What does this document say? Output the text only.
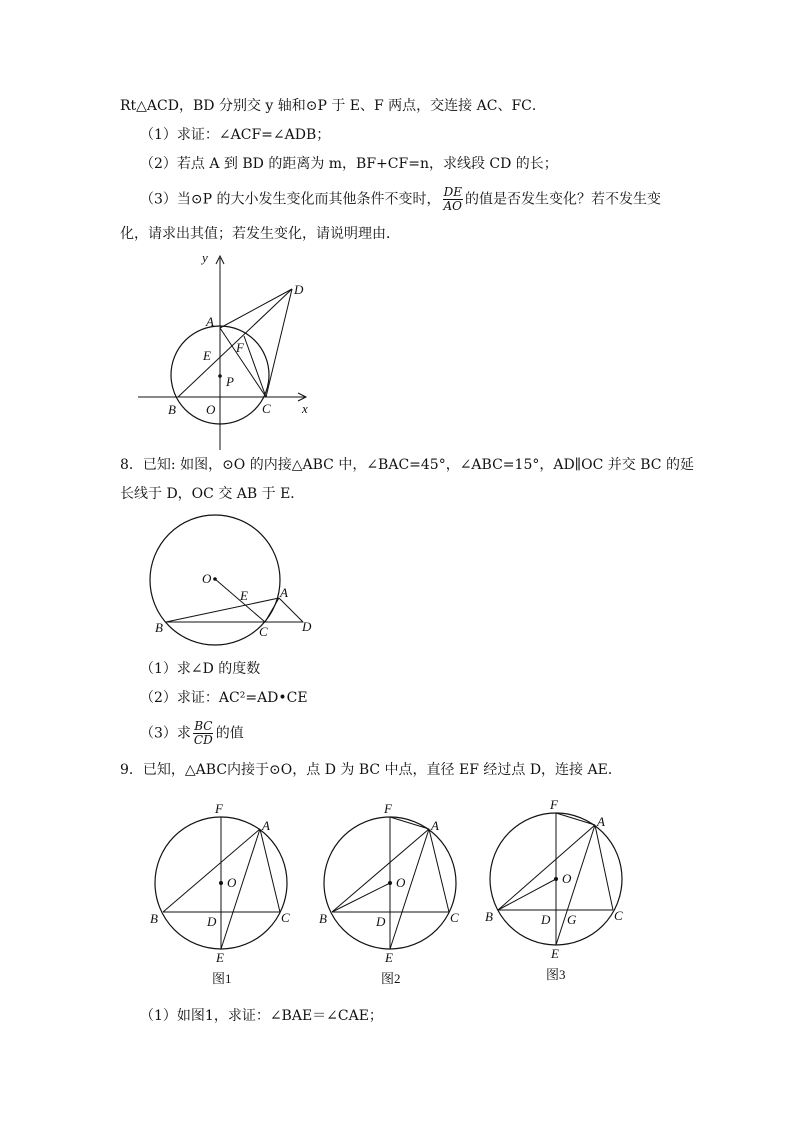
Rt△ACD，BD 分别交 y 轴和⊙P 于 E、F 两点，交连接 AC、FC．
（1）求证：∠ACF=∠ADB；
（2）若点 A 到 BD 的距离为 m，BF+CF=n，求线段 CD 的长；
（3）当⊙P 的大小发生变化而其他条件不变时， $\frac{DE}{AO}$ 的值是否发生变化？若不发生变
化，请求出其值；若发生变化，请说明理由．
y
D
A
F
E
P
B O	C x
8．已知: 如图，⊙O 的内接△ABC 中，∠BAC=45°，∠ABC=15°，AD∥OC 并交 BC 的延
长线于 D，OC 交 AB 于 E．
O
E A
B	C	D
（1）求∠D 的度数
（2）求证：AC²=AD•CE
（3）求 $\frac{BC}{CD}$ 的值
9．已知，△ABC内接于⊙O，点 D 为 BC 中点，直径 EF 经过点 D，连接 AE．
F
A
O
B	D	C
E
图1
F
A
O
B	D	C
E
图2
F
A
O
B	D G	C
E
图3
（1）如图1，求证：∠BAE＝∠CAE；
